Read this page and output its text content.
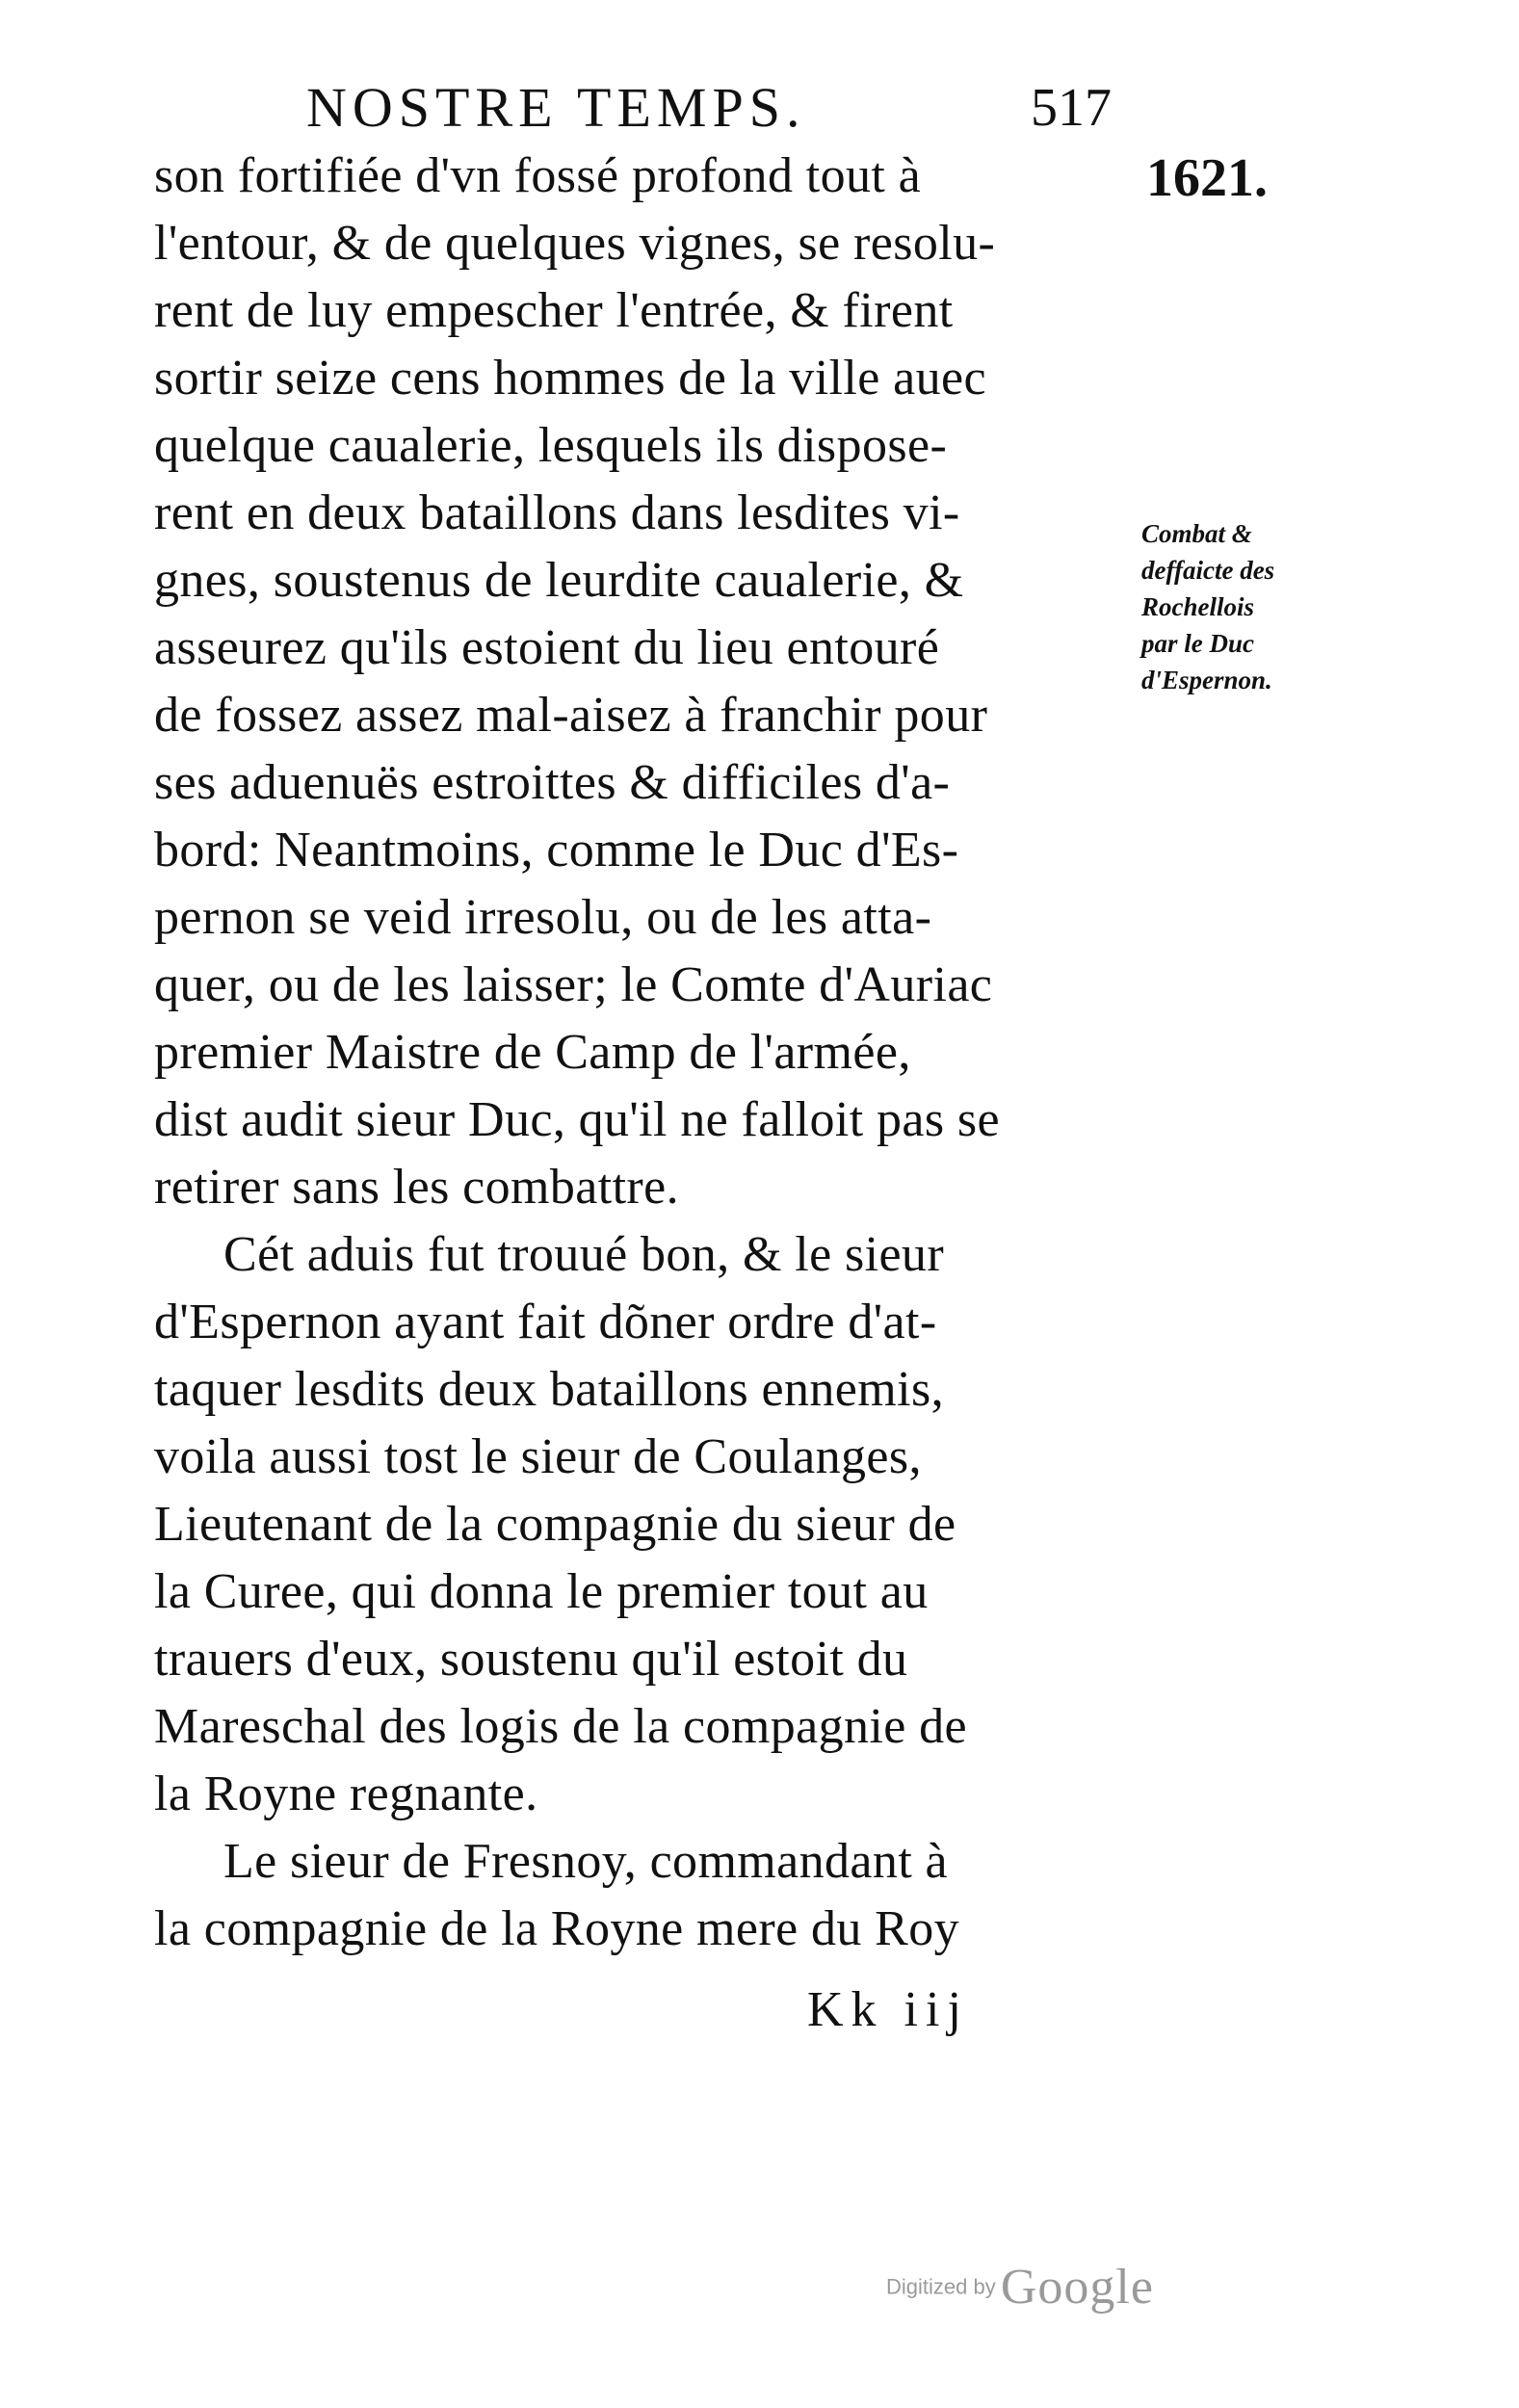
NOSTRE TEMPS.	517
1621.
son fortifiée d'vn fossé profond tout à
l'entour, & de quelques vignes, se resolu-
rent de luy empescher l'entrée, & firent
sortir seize cens hommes de la ville auec
quelque caualerie, lesquels ils dispose-
rent en deux bataillons dans lesdites vi-
gnes, soustenus de leurdite caualerie, &
asseurez qu'ils estoient du lieu entouré
de fossez assez mal-aisez à franchir pour
ses aduenuës estroittes & difficiles d'a-
bord: Neantmoins, comme le Duc d'Es-
pernon se veid irresolu, ou de les atta-
quer, ou de les laisser; le Comte d'Auriac
premier Maistre de Camp de l'armée,
dist audit sieur Duc, qu'il ne falloit pas se
retirer sans les combattre.
Cét aduis fut trouué bon, & le sieur
d'Espernon ayant fait dõner ordre d'at-
taquer lesdits deux bataillons ennemis,
voila aussi tost le sieur de Coulanges,
Lieutenant de la compagnie du sieur de
la Curee, qui donna le premier tout au
trauers d'eux, soustenu qu'il estoit du
Mareschal des logis de la compagnie de
la Royne regnante.
Le sieur de Fresnoy, commandant à
la compagnie de la Royne mere du Roy
Combat &
deffaicte des
Rochellois
par le Duc
d'Espernon.
Kk iij
Digitized by Google
